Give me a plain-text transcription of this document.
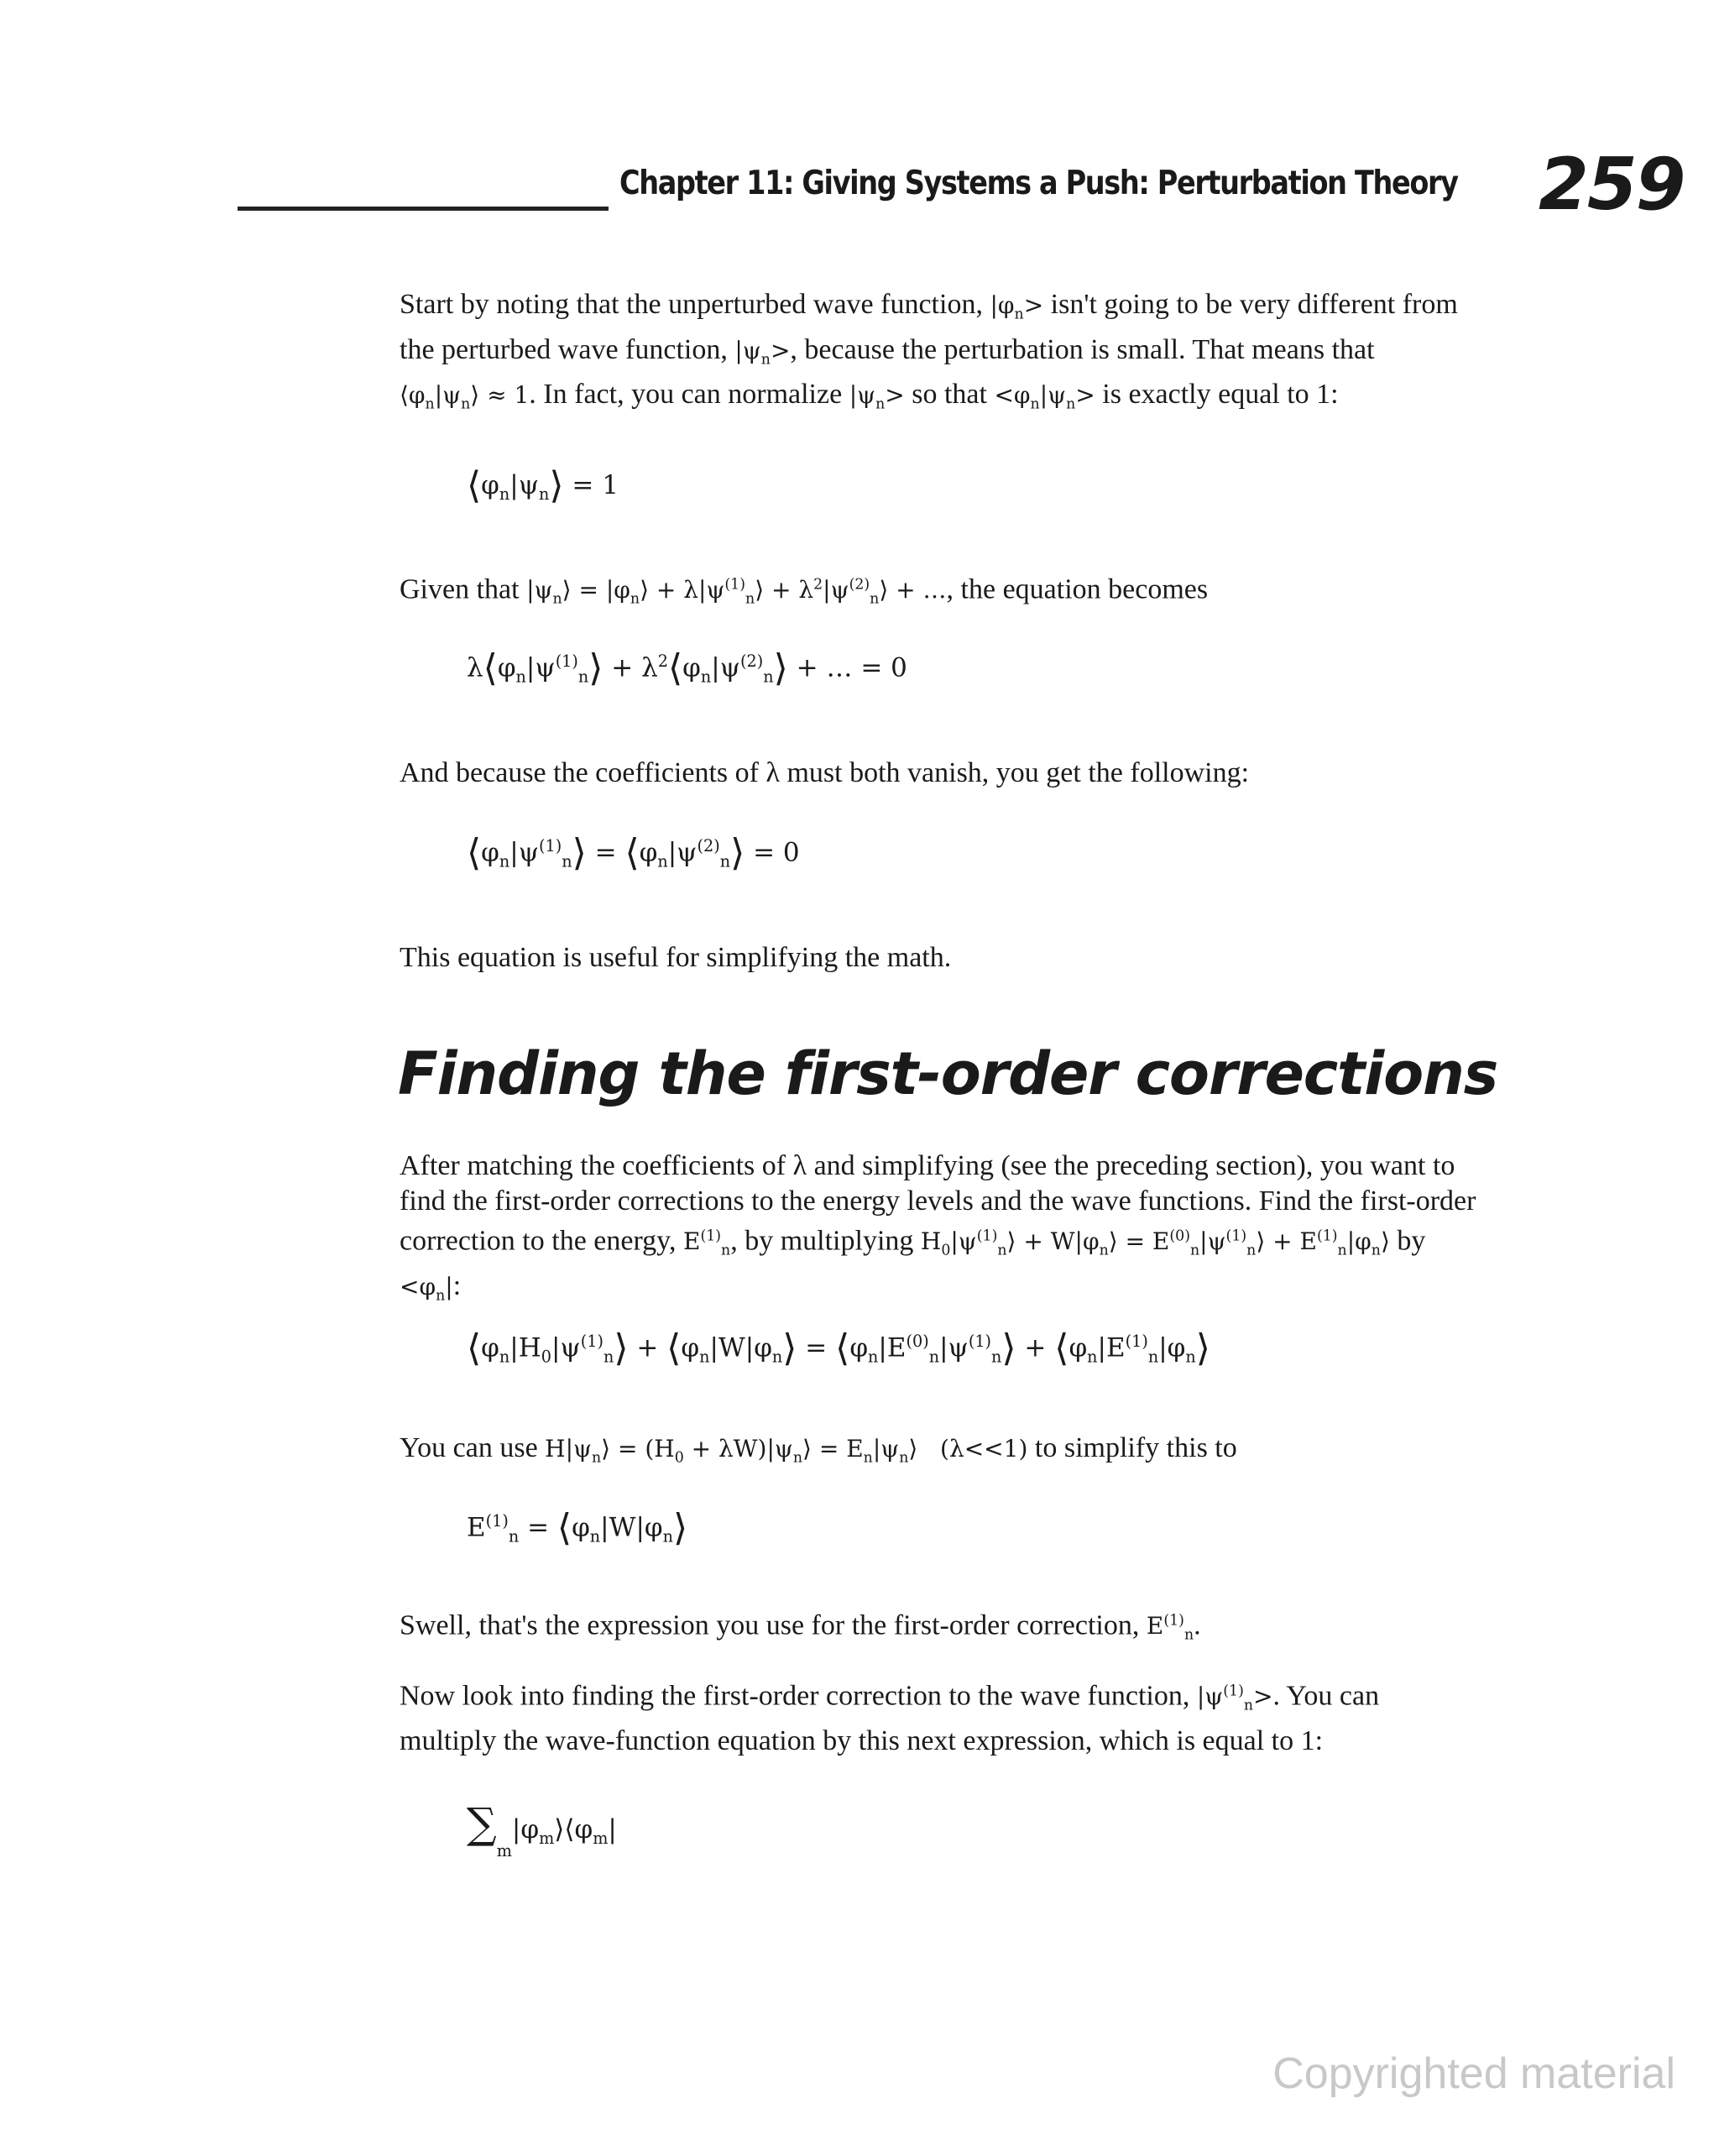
Chapter 11: Giving Systems a Push: Perturbation Theory 259

Start by noting that the unperturbed wave function, $|\varphi_n> isn't$ going to be very different from the perturbed wave function, $|\psi_n>$, because the perturbation is small. That means that $⟨\varphi_n|\psi_n⟩ \approx 1$. In fact, you can normalize $|\psi_n>$ so that $<\varphi_n|\psi_n>$ is exactly equal to 1:

$⟨\varphi_n|\psi_n⟩ = 1$

Given that $|\psi_n⟩$ = $|\varphi_n⟩$ + $\lambda|\psi^{(1)}_n⟩$ + $\lambda^2|\psi^{(2)}_n⟩$ + …, the equation becomes

$\lambda⟨\varphi_n|\psi^{(1)}_n⟩$ + $\lambda^2⟨\varphi_n|\psi^{(2)}_n⟩$ + … = 0

And because the coefficients of λ must both vanish, you get the following:

$⟨\varphi_n|\psi^{(1)}_n⟩$ = $⟨\varphi_n|\psi^{(2)}_n⟩ = 0$

This equation is useful for simplifying the math.

Finding the first-order corrections

After matching the coefficients of λ and simplifying (see the preceding section), you want to find the first-order corrections to the energy levels and the wave functions. Find the first-order correction to the energy, $E^{(1)}_n$, by multiplying $H_0|\psi^{(1)}_n⟩$ + $W|\varphi_n⟩$ = $E^{(0)}_n|\psi^{(1)}_n⟩$ + $E^{(1)}_n|\varphi_n⟩$ by $<\varphi_n|$:

$⟨\varphi_n|H_0|\psi^{(1)}_n⟩$ + $⟨\varphi_n|W|\varphi_n⟩$ = $⟨\varphi_n|E^{(0)}_n|\psi^{(1)}_n⟩$ + $⟨\varphi_n|E^{(1)}_n|\varphi_n⟩$

You can use $H|\psi_n⟩ = (H_0$ + $\lambda W)|\psi_n⟩$ = $E_n|\psi_n⟩$   (λ<<1) to simplify this to

$E^{(1)}_n$ = $⟨\varphi_n|W|\varphi_n⟩$

Swell, that's the expression you use for the first-order correction, $E^{(1)}_n$.

Now look into finding the first-order correction to the wave function, $|\psi^{(1)}_n>$. You can multiply the wave-function equation by this next expression, which is equal to 1:

$\sum_m|\varphi_m⟩⟨\varphi_m|$
Copyrighted material
